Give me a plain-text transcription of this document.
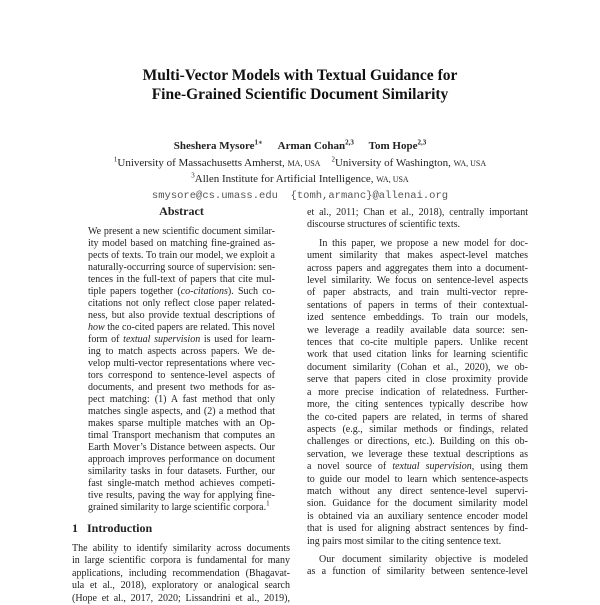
Multi-Vector Models with Textual Guidance for
Fine-Grained Scientific Document Similarity
Sheshera Mysore$^{1∗}$ Arman Cohan$^{2,3}$ Tom Hope$^{2,3}$
$^1$University of Massachusetts Amherst, MA, USA $^2$University of Washington, WA, USA
$^3$Allen Institute for Artificial Intelligence, WA, USA
smysore@cs.umass.edu  {tomh,armanc}@allenai.org
Abstract
We present a new scientific document similar-
ity model based on matching fine-grained as-
pects of texts. To train our model, we exploit a
naturally-occurring source of supervision: sen-
tences in the full-text of papers that cite mul-
tiple papers together (co-citations). Such co-
citations not only reflect close paper related-
ness, but also provide textual descriptions of
how the co-cited papers are related. This novel
form of textual supervision is used for learn-
ing to match aspects across papers. We de-
velop multi-vector representations where vec-
tors correspond to sentence-level aspects of
documents, and present two methods for as-
pect matching: (1) A fast method that only
matches single aspects, and (2) a method that
makes sparse multiple matches with an Op-
timal Transport mechanism that computes an
Earth Mover’s Distance between aspects. Our
approach improves performance on document
similarity tasks in four datasets. Further, our
fast single-match method achieves competi-
tive results, paving the way for applying fine-
grained similarity to large scientific corpora.$^1$
1 Introduction
The ability to identify similarity across documents
in large scientific corpora is fundamental for many
applications, including recommendation (Bhagavat-
ula et al., 2018), exploratory or analogical search
(Hope et al., 2017, 2020; Lissandrini et al., 2019),
et al., 2011; Chan et al., 2018), centrally important
discourse structures of scientific texts.
In this paper, we propose a new model for doc-
ument similarity that makes aspect-level matches
across papers and aggregates them into a document-
level similarity. We focus on sentence-level aspects
of paper abstracts, and train multi-vector repre-
sentations of papers in terms of their contextual-
ized sentence embeddings. To train our models,
we leverage a readily available data source: sen-
tences that co-cite multiple papers. Unlike recent
work that used citation links for learning scientific
document similarity (Cohan et al., 2020), we ob-
serve that papers cited in close proximity provide
a more precise indication of relatedness. Further-
more, the citing sentences typically describe how
the co-cited papers are related, in terms of shared
aspects (e.g., similar methods or findings, related
challenges or directions, etc.). Building on this ob-
servation, we leverage these textual descriptions as
a novel source of textual supervision, using them
to guide our model to learn which sentence-aspects
match without any direct sentence-level supervi-
sion. Guidance for the document similarity model
is obtained via an auxiliary sentence encoder model
that is used for aligning abstract sentences by find-
ing pairs most similar to the citing sentence text.
Our document similarity objective is modeled
as a function of similarity between sentence-level
